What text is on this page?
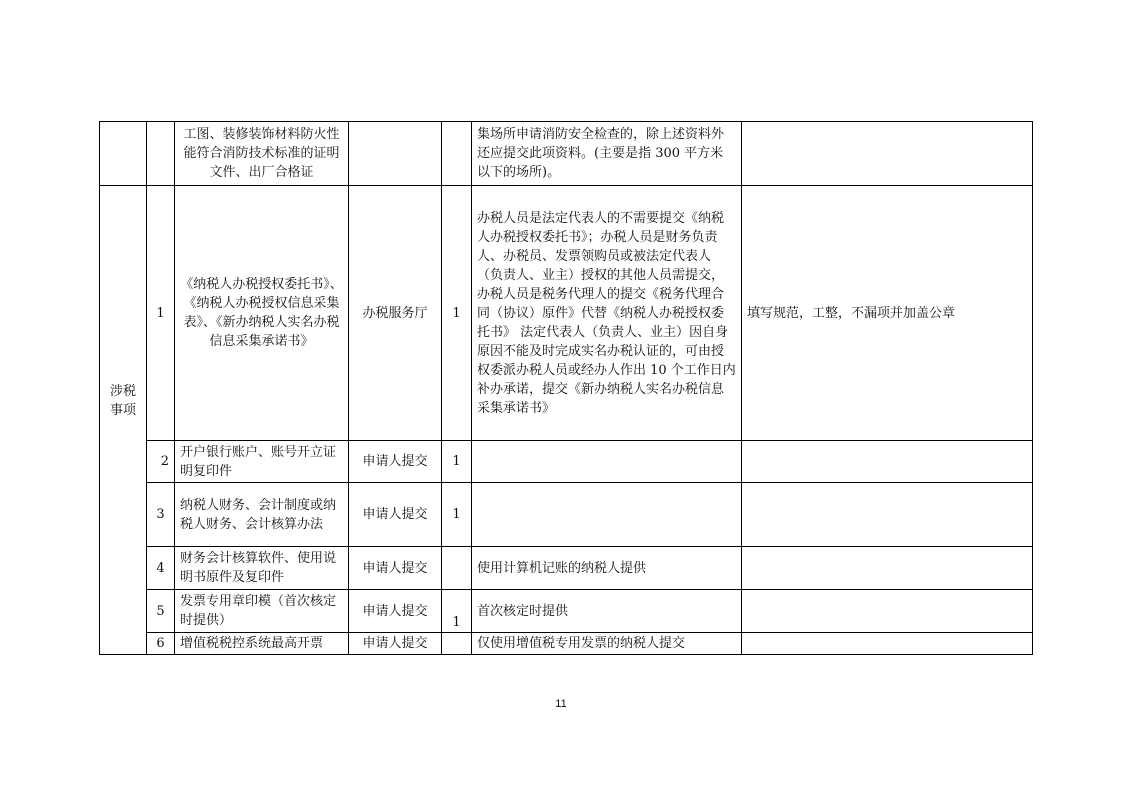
		工图、装修装饰材料防火性能符合消防技术标准的证明文件、出厂合格证			集场所申请消防安全检查的，除上述资料外还应提交此项资料。(主要是指 300 平方米以下的场所)。	
涉税事项	1	《纳税人办税授权委托书》、《纳税人办税授权信息采集表》、《新办纳税人实名办税信息采集承诺书》	办税服务厅	1	办税人员是法定代表人的不需要提交《纳税人办税授权委托书》；办税人员是财务负责人、办税员、发票领购员或被法定代表人（负责人、业主）授权的其他人员需提交，办税人员是税务代理人的提交《税务代理合同（协议）原件》代替《纳税人办税授权委托书》 法定代表人（负责人、业主）因自身原因不能及时完成实名办税认证的，可由授权委派办税人员或经办人作出 10 个工作日内补办承诺，提交《新办纳税人实名办税信息采集承诺书》	填写规范，工整，不漏项并加盖公章
	2	开户银行账户、账号开立证明复印件	申请人提交	1		
	3	纳税人财务、会计制度或纳税人财务、会计核算办法	申请人提交	1		
	4	财务会计核算软件、使用说明书原件及复印件	申请人提交		使用计算机记账的纳税人提供	
	5	发票专用章印模（首次核定时提供）	申请人提交	1	首次核定时提供	
	6	增值税税控系统最高开票	申请人提交		仅使用增值税专用发票的纳税人提交	
11
